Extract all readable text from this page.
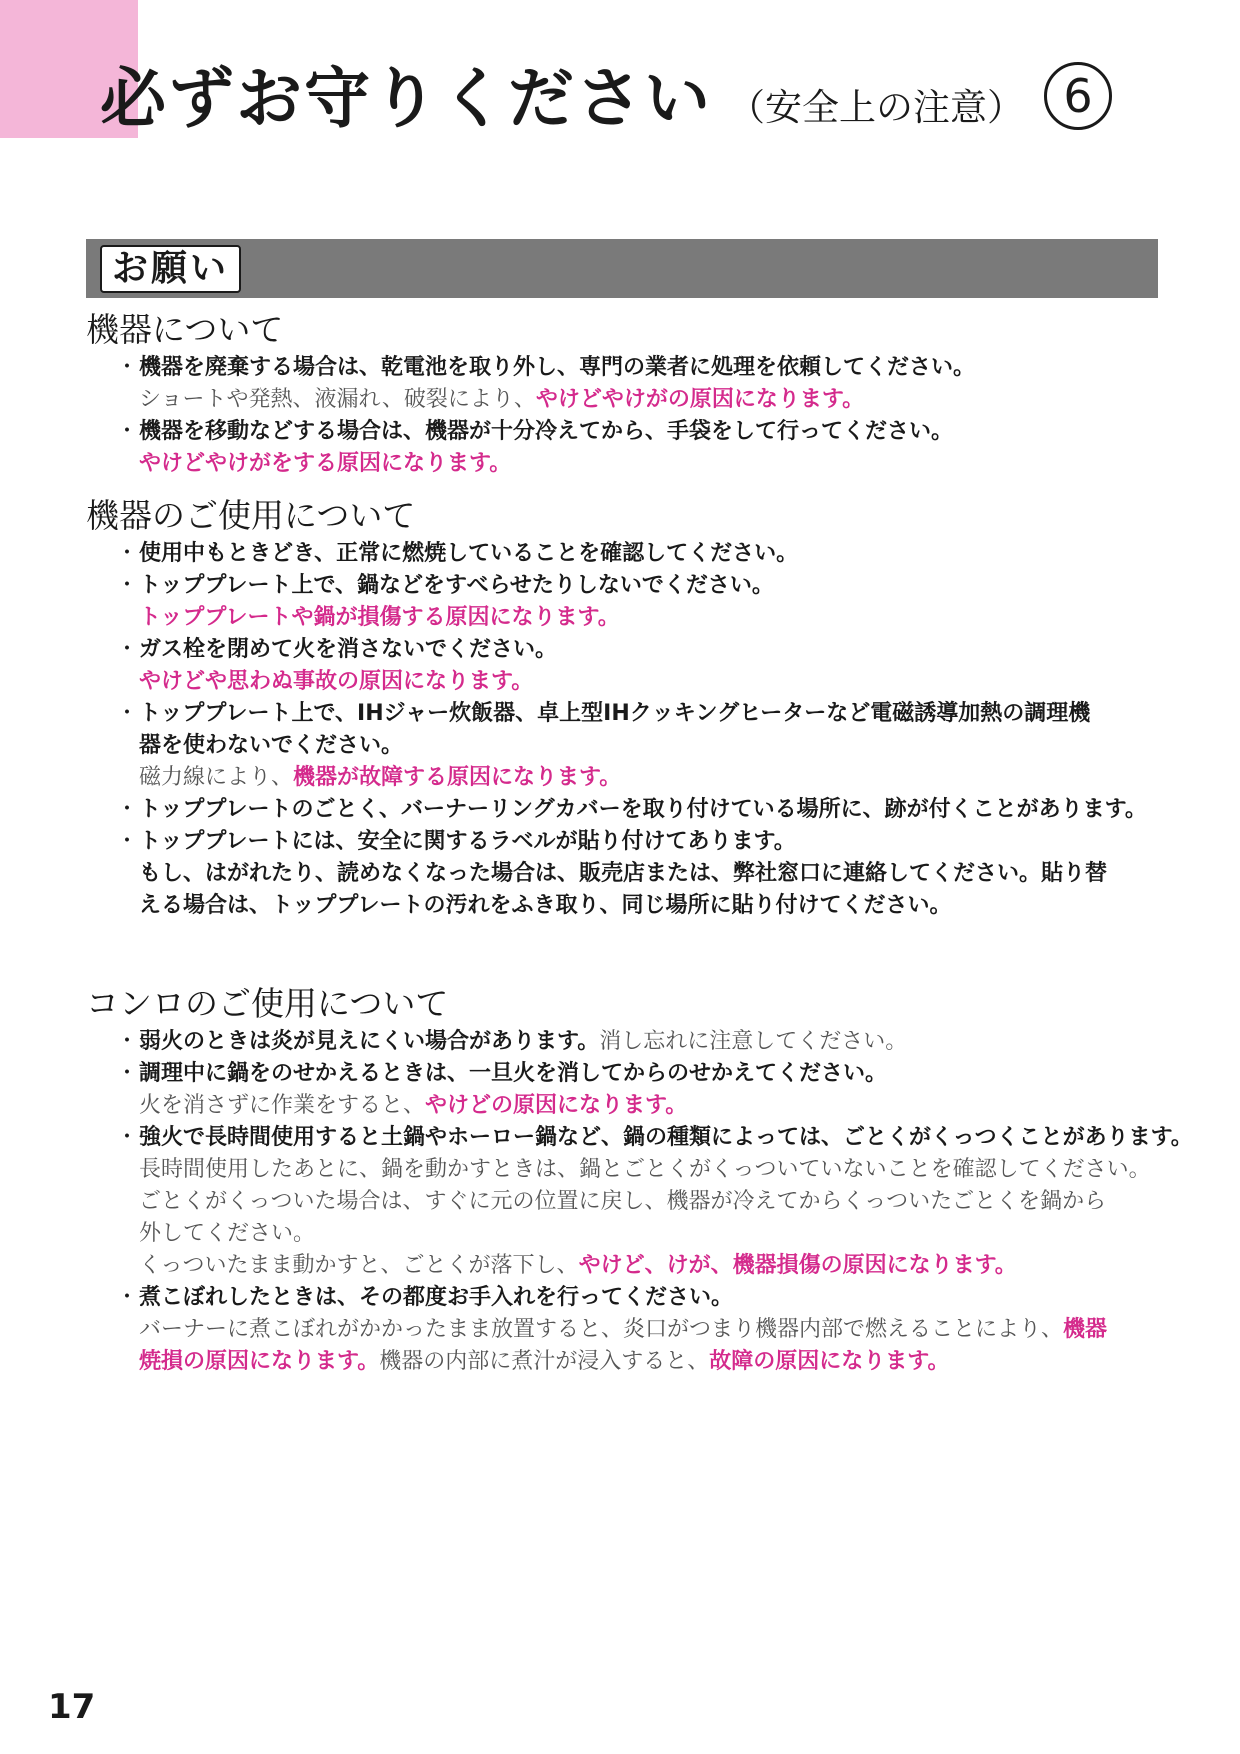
必ずお守りください （安全上の注意） 6
お願い
機器について
・ 機器を廃棄する場合は、乾電池を取り外し、専門の業者に処理を依頼してください。
ショートや発熱、液漏れ、破裂により、やけどやけがの原因になります。
・ 機器を移動などする場合は、機器が十分冷えてから、手袋をして行ってください。
やけどやけがをする原因になります。
機器のご使用について
・ 使用中もときどき、正常に燃焼していることを確認してください。
・ トッププレート上で、鍋などをすべらせたりしないでください。
トッププレートや鍋が損傷する原因になります。
・ ガス栓を閉めて火を消さないでください。
やけどや思わぬ事故の原因になります。
・ トッププレート上で、IHジャー炊飯器、卓上型IHクッキングヒーターなど電磁誘導加熱の調理機
器を使わないでください。
磁力線により、機器が故障する原因になります。
・ トッププレートのごとく、バーナーリングカバーを取り付けている場所に、跡が付くことがあります。
・ トッププレートには、安全に関するラベルが貼り付けてあります。
もし、はがれたり、読めなくなった場合は、販売店または、弊社窓口に連絡してください。貼り替
える場合は、トッププレートの汚れをふき取り、同じ場所に貼り付けてください。
コンロのご使用について
・ 弱火のときは炎が見えにくい場合があります。消し忘れに注意してください。
・ 調理中に鍋をのせかえるときは、一旦火を消してからのせかえてください。
火を消さずに作業をすると、やけどの原因になります。
・ 強火で長時間使用すると土鍋やホーロー鍋など、鍋の種類によっては、ごとくがくっつくことがあります。
長時間使用したあとに、鍋を動かすときは、鍋とごとくがくっついていないことを確認してください。
ごとくがくっついた場合は、すぐに元の位置に戻し、機器が冷えてからくっついたごとくを鍋から
外してください。
くっついたまま動かすと、ごとくが落下し、やけど、けが、機器損傷の原因になります。
・ 煮こぼれしたときは、その都度お手入れを行ってください。
バーナーに煮こぼれがかかったまま放置すると、炎口がつまり機器内部で燃えることにより、機器
焼損の原因になります。機器の内部に煮汁が浸入すると、故障の原因になります。
17
